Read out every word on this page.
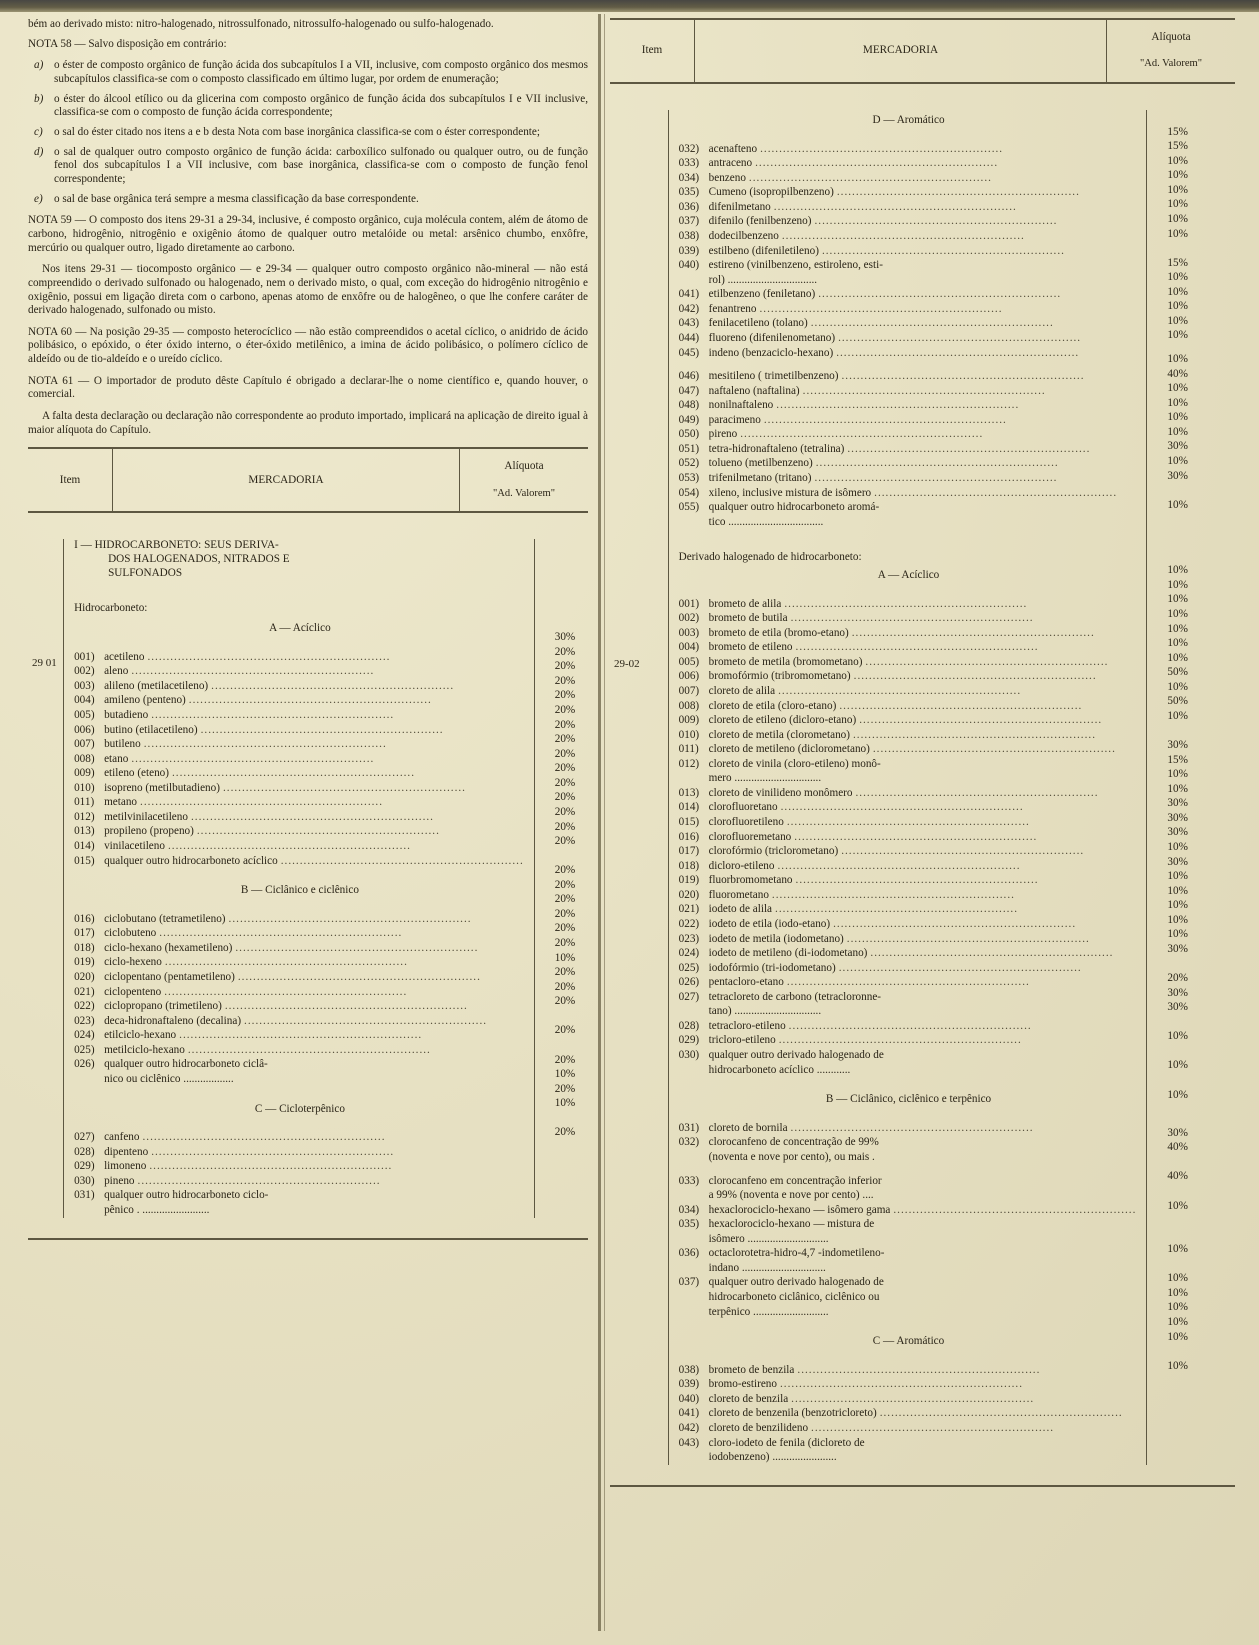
bém ao derivado misto: nitro-halogenado, nitrossulfonado, nitrossulfo-halogenado ou sulfo-halogenado.

NOTA 58 — Salvo disposição em contrário:

a) o éster de composto orgânico de função ácida dos subcapítulos I a VII, inclusive, com composto orgânico dos mesmos subcapítulos classifica-se com o composto classificado em último lugar, por ordem de enumeração;
b) o éster do álcool etílico ou da glicerina com composto orgânico de função ácida dos subcapítulos I e VII inclusive, classifica-se com o composto de função ácida correspondente;
c) o sal do éster citado nos itens a e b desta Nota com base inorgânica classifica-se com o éster correspondente;
d) o sal de qualquer outro composto orgânico de função ácida: carboxílico sulfonado ou qualquer outro, ou de função fenol dos subcapítulos I a VII inclusive, com base inorgânica, classifica-se com o composto de função fenol correspondente;
e) o sal de base orgânica terá sempre a mesma classificação da base correspondente.

NOTA 59 — O composto dos itens 29-31 a 29-34, inclusive, é composto orgânico, cuja molécula contem, além de átomo de carbono, hidrogênio, nitrogênio e oxigênio átomo de qualquer outro metalóide ou metal: arsênico chumbo, enxôfre, mercúrio ou qualquer outro, ligado diretamente ao carbono.

Nos itens 29-31 — tiocomposto orgânico — e 29-34 — qualquer outro composto orgânico não-mineral — não está compreendido o derivado sulfonado ou halogenado, nem o derivado misto, o qual, com exceção do hidrogênio nitrogênio e oxigênio, possui em ligação direta com o carbono, apenas atomo de enxôfre ou de halogêneo, o que lhe confere caráter de derivado halogenado, sulfonado ou misto.

NOTA 60 — Na posição 29-35 — composto heterocíclico — não estão compreendidos o acetal cíclico, o anidrido de ácido polibásico, o epóxido, o éter óxido interno, o éter-óxido metilênico, a imina de ácido polibásico, o polímero cíclico de aldeído ou de tio-aldeído e o ureído cíclico.

NOTA 61 — O importador de produto dêste Capítulo é obrigado a declarar-lhe o nome científico e, quando houver, o comercial.

A falta desta declaração ou declaração não correspondente ao produto importado, implicará na aplicação de direito igual à maior alíquota do Capítulo.

Item	MERCADORIA
Alíquota
"Ad. Valorem"
29 01
I — HIDROCARBONETO: SEUS DERIVA-
DOS HALOGENADOS, NITRADOS E
SULFONADOS
Hidrocarboneto:
A — Acíclico
001) acetileno ................................................................
002) aleno ................................................................
003) alileno (metilacetileno) ................................................................
004) amileno (penteno) ................................................................
005) butadieno ................................................................
006) butino (etilacetileno) ................................................................
007) butileno ................................................................
008) etano ................................................................
009) etileno (eteno) ................................................................
010) isopreno (metilbutadieno) ................................................................
011) metano ................................................................
012) metilvinilacetileno ................................................................
013) propileno (propeno) ................................................................
014) vinilacetileno ................................................................
015) qualquer outro hidrocarboneto acíclico ................................................................
B — Ciclânico e ciclênico
016) ciclobutano (tetrametileno) ................................................................
017) ciclobuteno ................................................................
018) ciclo-hexano (hexametileno) ................................................................
019) ciclo-hexeno ................................................................
020) ciclopentano (pentametileno) ................................................................
021) ciclopenteno ................................................................
022) ciclopropano (trimetileno) ................................................................
023) deca-hidronaftaleno (decalina) ................................................................
024) etilciclo-hexano ................................................................
025) metilciclo-hexano ................................................................
026) qualquer outro hidrocarboneto ciclâ-
nico ou ciclênico ..................
C — Cicloterpênico
027) canfeno ................................................................
028) dipenteno ................................................................
029) limoneno ................................................................
030) pineno ................................................................
031) qualquer outro hidrocarboneto ciclo-
pênico . ........................
30%
20%
20%
20%
20%
20%
20%
20%
20%
20%
20%
20%
20%
20%
20%
20%
20%
20%
20%
20%
20%
10%
20%
20%
20%
20%
20%
10%
20%
10%
20%
Item	MERCADORIA
Alíquota
"Ad. Valorem"
29-02
D — Aromático
032) acenafteno ................................................................
033) antraceno ................................................................
034) benzeno ................................................................
035) Cumeno (isopropilbenzeno) ................................................................
036) difenilmetano ................................................................
037) difenilo (fenilbenzeno) ................................................................
038) dodecilbenzeno ................................................................
039) estilbeno (difeniletileno) ................................................................
040) estireno (vinilbenzeno, estiroleno, esti-
rol) ................................
041) etilbenzeno (feniletano) ................................................................
042) fenantreno ................................................................
043) fenilacetileno (tolano) ................................................................
044) fluoreno (difenilenometano) ................................................................
045) indeno (benzaciclo-hexano) ................................................................
046) mesitileno ( trimetilbenzeno) ................................................................
047) naftaleno (naftalina) ................................................................
048) nonilnaftaleno ................................................................
049) paracimeno ................................................................
050) pireno ................................................................
051) tetra-hidronaftaleno (tetralina) ................................................................
052) tolueno (metilbenzeno) ................................................................
053) trifenilmetano (tritano) ................................................................
054) xileno, inclusive mistura de isômero ................................................................
055) qualquer outro hidrocarboneto aromá-
tico ..................................
Derivado halogenado de hidrocarboneto:
A — Acíclico
001) brometo de alila ................................................................
002) brometo de butila ................................................................
003) brometo de etila (bromo-etano) ................................................................
004) brometo de etileno ................................................................
005) brometo de metila (bromometano) ................................................................
006) bromofórmio (tribromometano) ................................................................
007) cloreto de alila ................................................................
008) cloreto de etila (cloro-etano) ................................................................
009) cloreto de etileno (dicloro-etano) ................................................................
010) cloreto de metila (clorometano) ................................................................
011) cloreto de metileno (diclorometano) ................................................................
012) cloreto de vinila (cloro-etileno) monô-
mero ...............................
013) cloreto de vinilideno monômero ................................................................
014) clorofluoretano ................................................................
015) clorofluoretileno ................................................................
016) clorofluoremetano ................................................................
017) clorofórmio (triclorometano) ................................................................
018) dicloro-etileno ................................................................
019) fluorbromometano ................................................................
020) fluorometano ................................................................
021) iodeto de alila ................................................................
022) iodeto de etila (iodo-etano) ................................................................
023) iodeto de metila (iodometano) ................................................................
024) iodeto de metileno (di-iodometano) ................................................................
025) iodofórmio (tri-iodometano) ................................................................
026) pentacloro-etano ................................................................
027) tetracloreto de carbono (tetracloronne-
tano) ...............................
028) tetracloro-etileno ................................................................
029) tricloro-etileno ................................................................
030) qualquer outro derivado halogenado de
hidrocarboneto acíclico ............
B — Ciclânico, ciclênico e terpênico
031) cloreto de bornila ................................................................
032) clorocanfeno de concentração de 99%
(noventa e nove por cento), ou mais .
033) clorocanfeno em concentração inferior
a 99% (noventa e nove por cento) ....
034) hexaclorociclo-hexano — isômero gama ................................................................
035) hexaclorociclo-hexano — mistura de
isômero .............................
036) octaclorotetra-hidro-4,7 -indometileno-
indano ..............................
037) qualquer outro derivado halogenado de
hidrocarboneto ciclânico, ciclênico ou
terpênico ...........................
C — Aromático
038) brometo de benzila ................................................................
039) bromo-estireno ................................................................
040) cloreto de benzila ................................................................
041) cloreto de benzenila (benzotricloreto) ................................................................
042) cloreto de benzilideno ................................................................
043) cloro-iodeto de fenila (dicloreto de
iodobenzeno) .......................
15%
15%
10%
10%
10%
10%
10%
10%
15%
10%
10%
10%
10%
10%
10%
40%
10%
10%
10%
10%
30%
10%
30%
10%
10%
10%
10%
10%
10%
10%
10%
50%
10%
50%
10%
30%
15%
10%
10%
30%
30%
30%
10%
30%
10%
10%
10%
10%
10%
30%
20%
30%
30%
10%
10%
10%
30%
40%
40%
10%
10%
10%
10%
10%
10%
10%
10%
